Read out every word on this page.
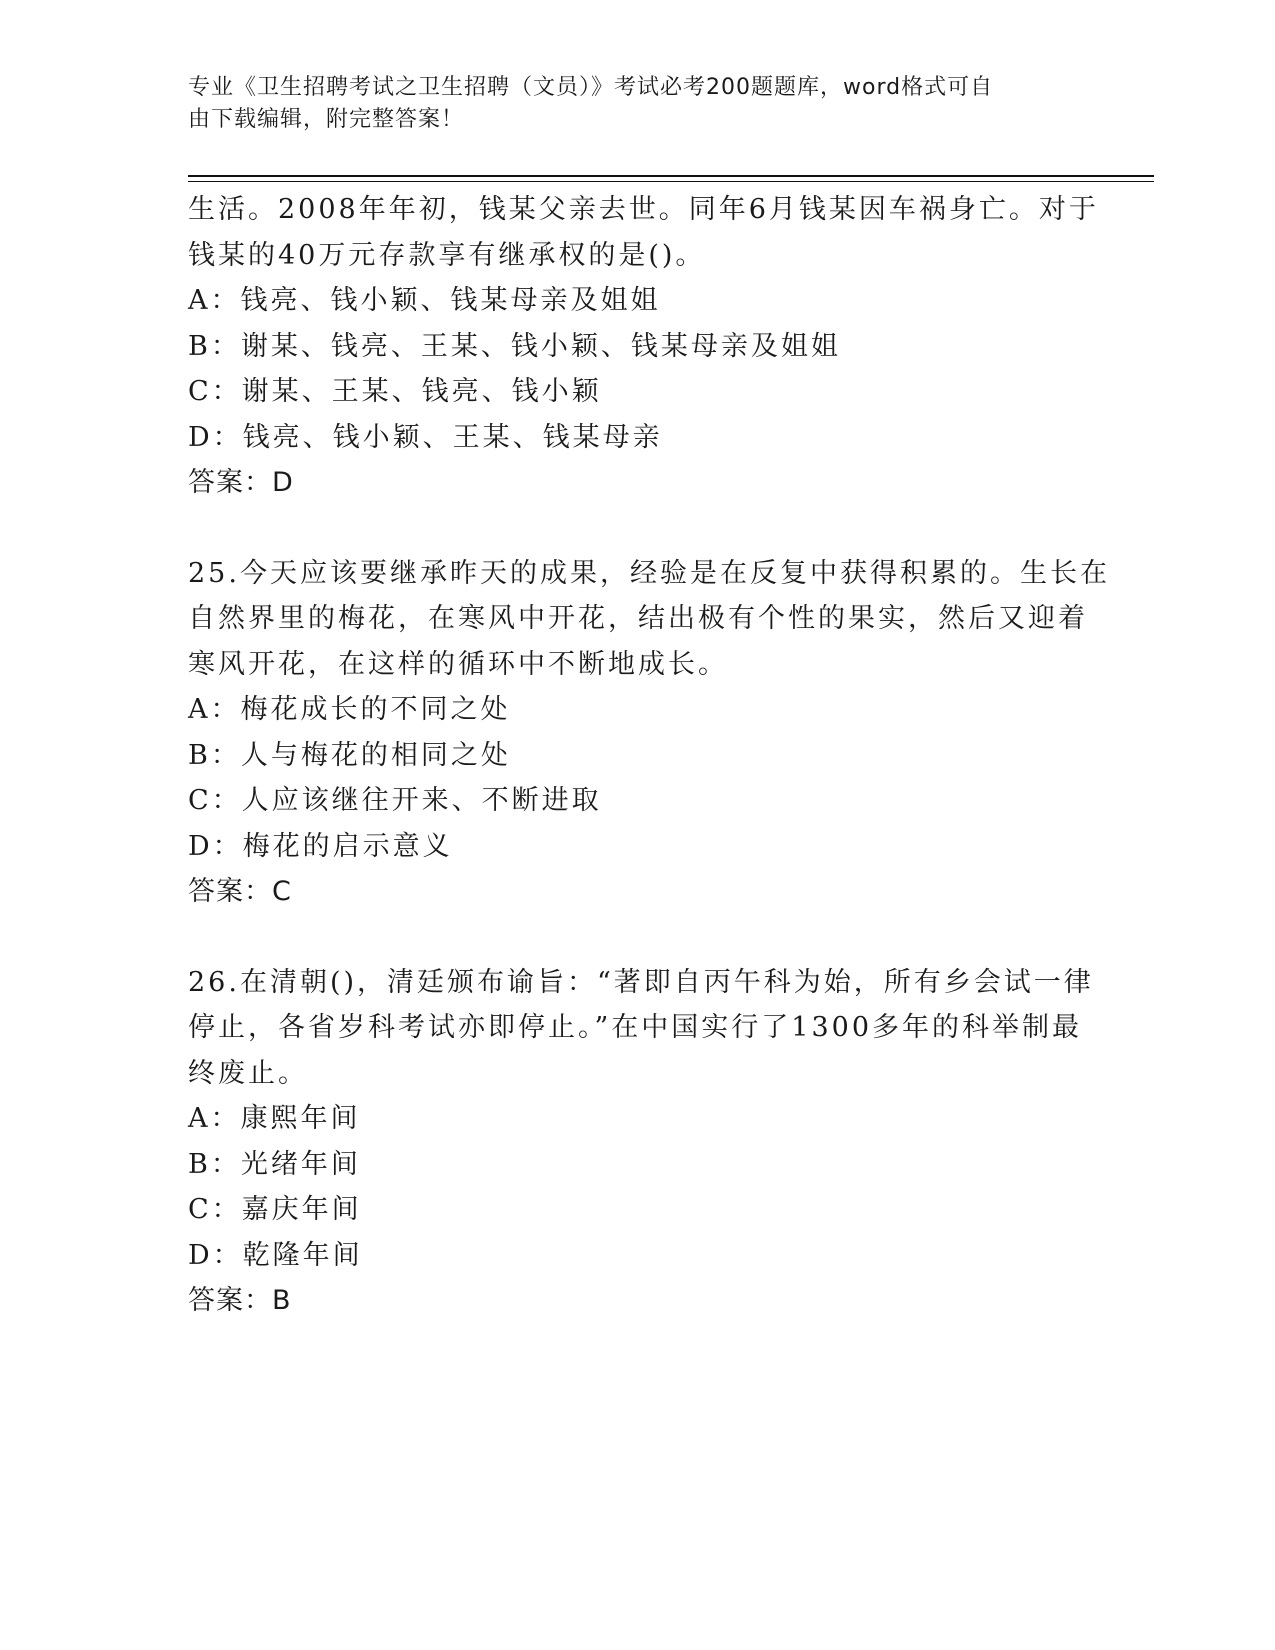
专业《卫生招聘考试之卫生招聘（文员）》考试必考200题题库，word格式可自
由下载编辑，附完整答案！
生活。2008年年初，钱某父亲去世。同年6月钱某因车祸身亡。对于
钱某的40万元存款享有继承权的是()。
A：钱亮、钱小颖、钱某母亲及姐姐
B：谢某、钱亮、王某、钱小颖、钱某母亲及姐姐
C：谢某、王某、钱亮、钱小颖
D：钱亮、钱小颖、王某、钱某母亲
答案：D
25.今天应该要继承昨天的成果，经验是在反复中获得积累的。生长在
自然界里的梅花，在寒风中开花，结出极有个性的果实，然后又迎着
寒风开花，在这样的循环中不断地成长。
A：梅花成长的不同之处
B：人与梅花的相同之处
C：人应该继往开来、不断进取
D：梅花的启示意义
答案：C
26.在清朝()，清廷颁布谕旨：“著即自丙午科为始，所有乡会试一律
停止，各省岁科考试亦即停止。”在中国实行了1300多年的科举制最
终废止。
A：康熙年间
B：光绪年间
C：嘉庆年间
D：乾隆年间
答案：B
